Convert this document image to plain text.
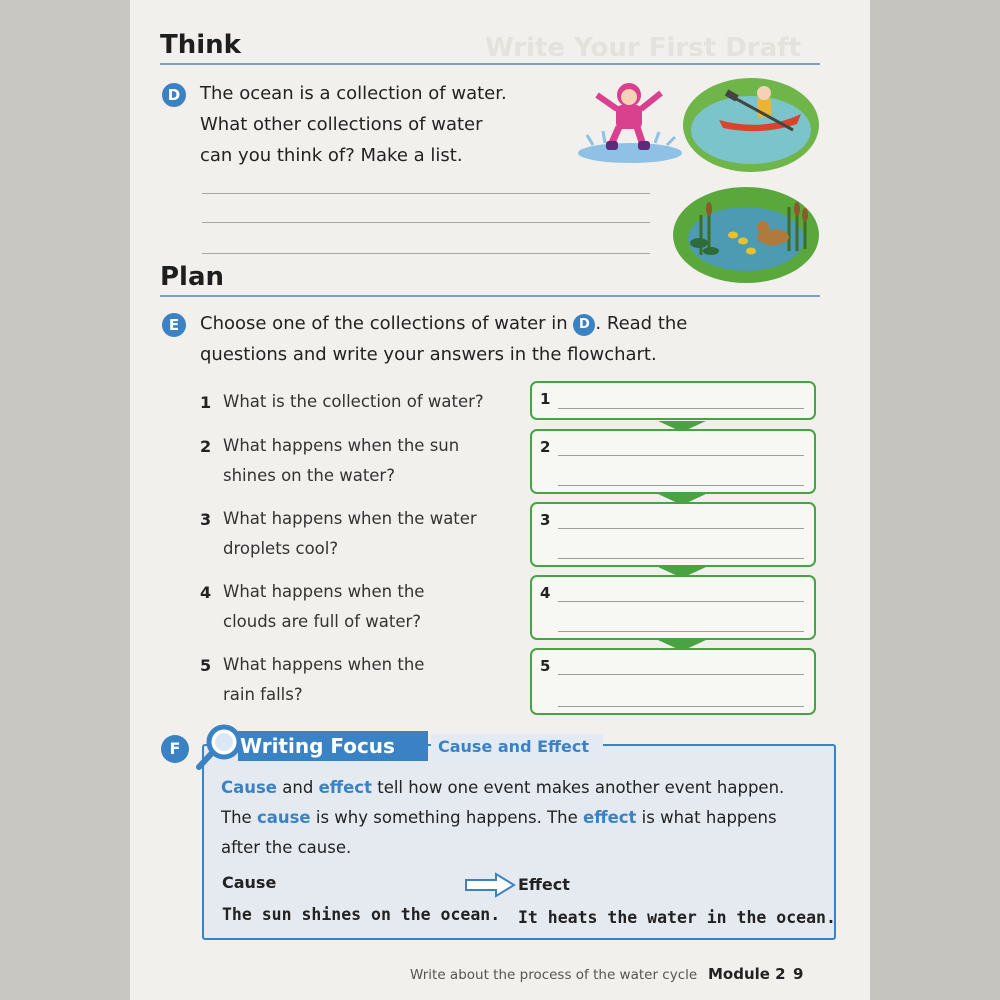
Write Your First Draft
Think
D	The ocean is a collection of water.
What other collections of water
can you think of? Make a list.
Plan
E	Choose one of the collections of water in D . Read the
questions and write your answers in the flowchart.
1 What is the collection of water?
2 What happens when the sun
shines on the water?
3 What happens when the water
droplets cool?
4 What happens when the
clouds are full of water?
5 What happens when the
rain falls?
1
2
3
4
5
F	Writing Focus	Cause and Effect
Cause and effect tell how one event makes another event happen.
The cause is why something happens. The effect is what happens
after the cause.
Cause	Effect
The sun shines on the ocean. It heats the water in the ocean.
Write about the process of the water cycle Module 2 9
